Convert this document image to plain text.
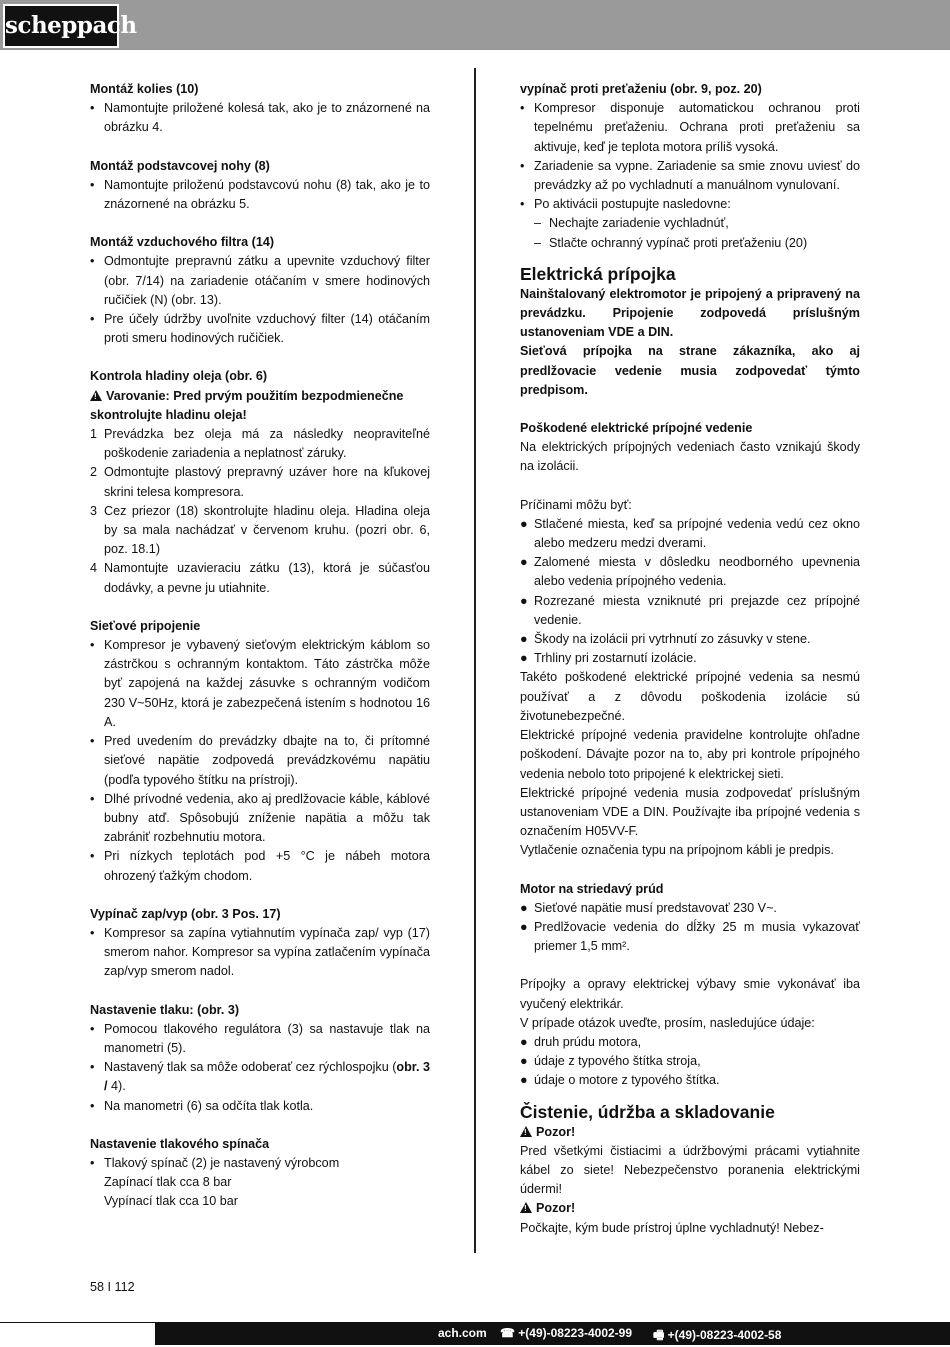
scheppach
Montáž kolies (10)
• Namontujte priložené kolesá tak, ako je to znázornené na obrázku 4.
Montáž podstavcovej nohy (8)
• Namontujte priloženú podstavcovú nohu (8) tak, ako je to znázornené na obrázku 5.
Montáž vzduchového filtra (14)
• Odmontujte prepravnú zátku a upevnite vzduchový filter (obr. 7/14) na zariadenie otáčaním v smere hodinových ručičiek (N) (obr. 13).
• Pre účely údržby uvoľnite vzduchový filter (14) otáčaním proti smeru hodinových ručičiek.
Kontrola hladiny oleja (obr. 6)
!Varovanie: Pred prvým použitím bezpodmienečne skontrolujte hladinu oleja!
1 Prevádzka bez oleja má za následky neopraviteľné poškodenie zariadenia a neplatnosť záruky.
2 Odmontujte plastový prepravný uzáver hore na kľukovej skrini telesa kompresora.
3 Cez priezor (18) skontrolujte hladinu oleja. Hladina oleja by sa mala nachádzať v červenom kruhu. (pozri obr. 6, poz. 18.1)
4 Namontujte uzavieraciu zátku (13), ktorá je súčasťou dodávky, a pevne ju utiahnite.
Sieťové pripojenie
• Kompresor je vybavený sieťovým elektrickým káblom so zástrčkou s ochranným kontaktom. Táto zástrčka môže byť zapojená na každej zásuvke s ochranným vodičom 230 V~50Hz, ktorá je zabezpečená istením s hodnotou 16 A.
• Pred uvedením do prevádzky dbajte na to, či prítomné sieťové napätie zodpovedá prevádzkovému napätiu (podľa typového štítku na prístroji).
• Dlhé prívodné vedenia, ako aj predlžovacie káble, káblové bubny atď. Spôsobujú zníženie napätia a môžu tak zabrániť rozbehnutiu motora.
• Pri nízkych teplotách pod +5 °C je nábeh motora ohrozený ťažkým chodom.
Vypínač zap/vyp (obr. 3 Pos. 17)
• Kompresor sa zapína vytiahnutím vypínača zap/ vyp (17) smerom nahor. Kompresor sa vypína zatlačením vypínača zap/vyp smerom nadol.
Nastavenie tlaku: (obr. 3)
• Pomocou tlakového regulátora (3) sa nastavuje tlak na manometri (5).
• Nastavený tlak sa môže odoberať cez rýchlospojku (obr. 3 / 4).
• Na manometri (6) sa odčíta tlak kotla.
Nastavenie tlakového spínača
• Tlakový spínač (2) je nastavený výrobcom
Zapínací tlak cca 8 bar
Vypínací tlak cca 10 bar
vypínač proti preťaženiu (obr. 9, poz. 20)
• Kompresor disponuje automatickou ochranou proti tepelnému preťaženiu. Ochrana proti preťaženiu sa aktivuje, keď je teplota motora príliš vysoká.
• Zariadenie sa vypne. Zariadenie sa smie znovu uviesť do prevádzky až po vychladnutí a manuálnom vynulovaní.
• Po aktivácii postupujte nasledovne:
– Nechajte zariadenie vychladnúť,
– Stlačte ochranný vypínač proti preťaženiu (20)
Elektrická prípojka
Nainštalovaný elektromotor je pripojený a pripravený na prevádzku. Pripojenie zodpovedá príslušným ustanoveniam VDE a DIN.
Sieťová prípojka na strane zákazníka, ako aj predlžovacie vedenie musia zodpovedať týmto predpisom.
Poškodené elektrické prípojné vedenie
Na elektrických prípojných vedeniach často vznikajú škody na izolácii.
Príčinami môžu byť:
● Stlačené miesta, keď sa prípojné vedenia vedú cez okno alebo medzeru medzi dverami.
● Zalomené miesta v dôsledku neodborného upevnenia alebo vedenia prípojného vedenia.
● Rozrezané miesta vzniknuté pri prejazde cez prípojné vedenie.
● Škody na izolácii pri vytrhnutí zo zásuvky v stene.
● Trhliny pri zostarnutí izolácie.
Takéto poškodené elektrické prípojné vedenia sa nesmú používať a z dôvodu poškodenia izolácie sú životunebezpečné.
Elektrické prípojné vedenia pravidelne kontrolujte ohľadne poškodení. Dávajte pozor na to, aby pri kontrole prípojného vedenia nebolo toto pripojené k elektrickej sieti.
Elektrické prípojné vedenia musia zodpovedať príslušným ustanoveniam VDE a DIN. Používajte iba prípojné vedenia s označením H05VV-F.
Vytlačenie označenia typu na prípojnom kábli je predpis.
Motor na striedavý prúd
● Sieťové napätie musí predstavovať 230 V~.
● Predlžovacie vedenia do dĺžky 25 m musia vykazovať priemer 1,5 mm².
Prípojky a opravy elektrickej výbavy smie vykonávať iba vyučený elektrikár.
V prípade otázok uveďte, prosím, nasledujúce údaje:
● druh prúdu motora,
● údaje z typového štítka stroja,
● údaje o motore z typového štítka.
Čistenie, údržba a skladovanie
!Pozor!
Pred všetkými čistiacimi a údržbovými prácami vytiahnite kábel zo siete! Nebezpečenstvo poranenia elektrickými údermi!
!Pozor!
Počkajte, kým bude prístroj úplne vychladnutý! Nebez-
58 I 112
ach.com ☎ +(49)-08223-4002-99 🖷 +(49)-08223-4002-58
